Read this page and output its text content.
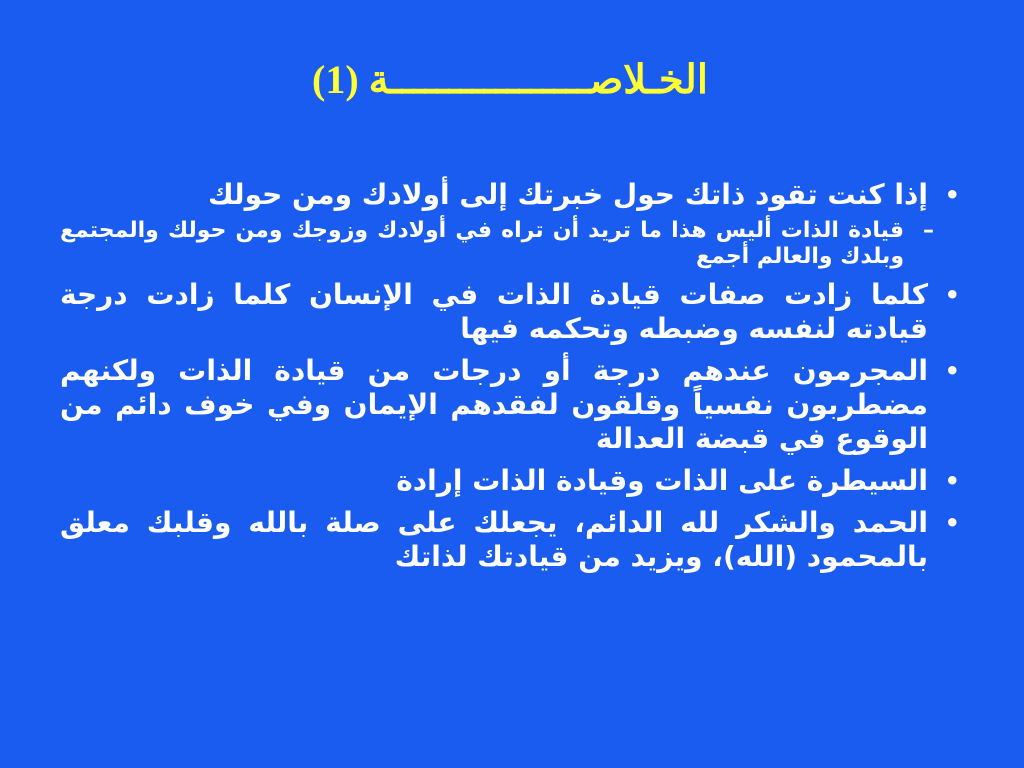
الخـلاصـــــــــــــــــة (1)
•
إذا كنت تقود ذاتك حول خبرتك إلى أولادك ومن حولك
–
قيادة الذات أليس هذا ما تريد أن تراه في أولادك وزوجك ومن حولك والمجتمع وبلدك والعالم أجمع
•
كلما زادت صفات قيادة الذات في الإنسان كلما زادت درجة قيادته لنفسه وضبطه وتحكمه فيها
•
المجرمون عندهم درجة أو درجات من قيادة الذات ولكنهم مضطربون نفسياً وقلقون لفقدهم الإيمان وفي خوف دائم من الوقوع في قبضة العدالة
•
السيطرة على الذات وقيادة الذات إرادة
•
الحمد والشكر لله الدائم، يجعلك على صلة بالله وقلبك معلق بالمحمود (الله)، ويزيد من قيادتك لذاتك
